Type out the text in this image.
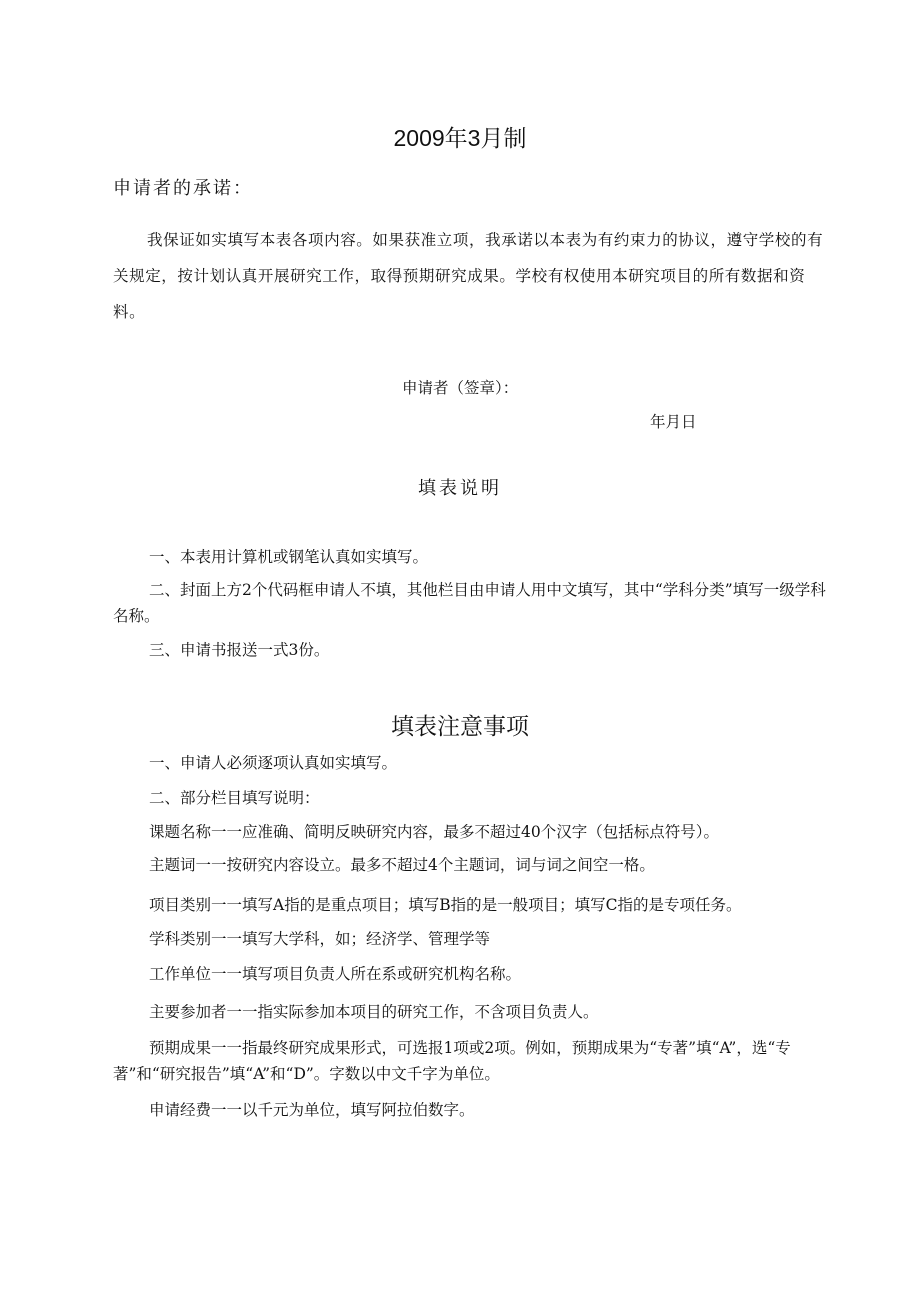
2009年3月制
申请者的承诺：
我保证如实填写本表各项内容。如果获准立项，我承诺以本表为有约束力的协议，遵守学校的有关规定，按计划认真开展研究工作，取得预期研究成果。学校有权使用本研究项目的所有数据和资料。
申请者（签章）：
年月日
填表说明
一、本表用计算机或钢笔认真如实填写。
二、封面上方2个代码框申请人不填，其他栏目由申请人用中文填写，其中“学科分类”填写一级学科名称。
三、申请书报送一式3份。
填表注意事项
一、申请人必须逐项认真如实填写。
二、部分栏目填写说明：
课题名称一一应准确、简明反映研究内容，最多不超过40个汉字（包括标点符号）。
主题词一一按研究内容设立。最多不超过4个主题词，词与词之间空一格。
项目类别一一填写A指的是重点项目；填写B指的是一般项目；填写C指的是专项任务。
学科类别一一填写大学科，如；经济学、管理学等
工作单位一一填写项目负责人所在系或研究机构名称。
主要参加者一一指实际参加本项目的研究工作，不含项目负责人。
预期成果一一指最终研究成果形式，可选报1项或2项。例如，预期成果为“专著”填“A”，选“专著”和“研究报告”填“A”和“D”。字数以中文千字为单位。
申请经费一一以千元为单位，填写阿拉伯数字。
